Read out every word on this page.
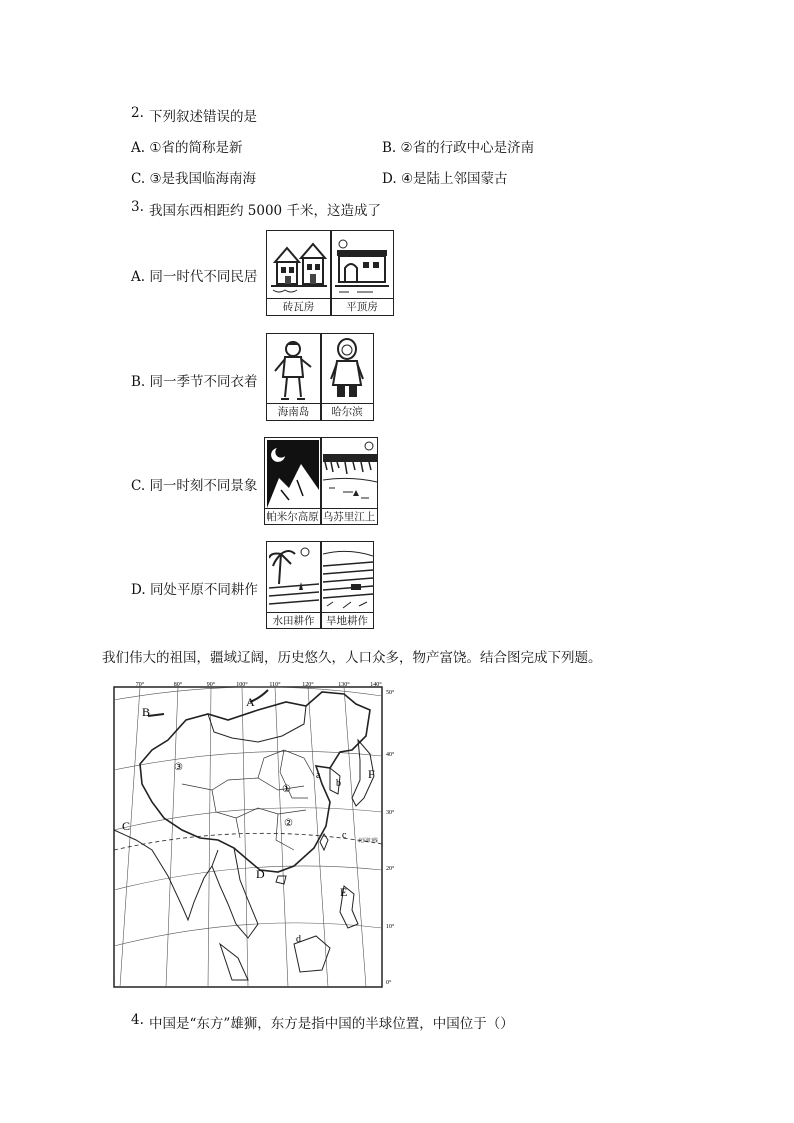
2. 下列叙述错误的是
A. ①省的简称是新	B. ②省的行政中心是济南
C. ③是我国临海南海	D. ④是陆上邻国蒙古
3. 我国东西相距约 5000 千米，这造成了
A. 同一时代不同民居
砖瓦房	平顶房
B. 同一季节不同衣着
海南岛	哈尔滨
C. 同一时刻不同景象
帕米尔高原 乌苏里江上
D. 同处平原不同耕作
水田耕作	旱地耕作
我们伟大的祖国，疆域辽阔，历史悠久，人口众多，物产富饶。结合图完成下列题。
70°	80°	90°	100°	110°	120°	130°	140°
50°
40°
30°
20°
10°
0°
北回归线
A
B
C
D
E
F
a
b
c
d
①
②
③
4. 中国是“东方”雄狮，东方是指中国的半球位置，中国位于（）
